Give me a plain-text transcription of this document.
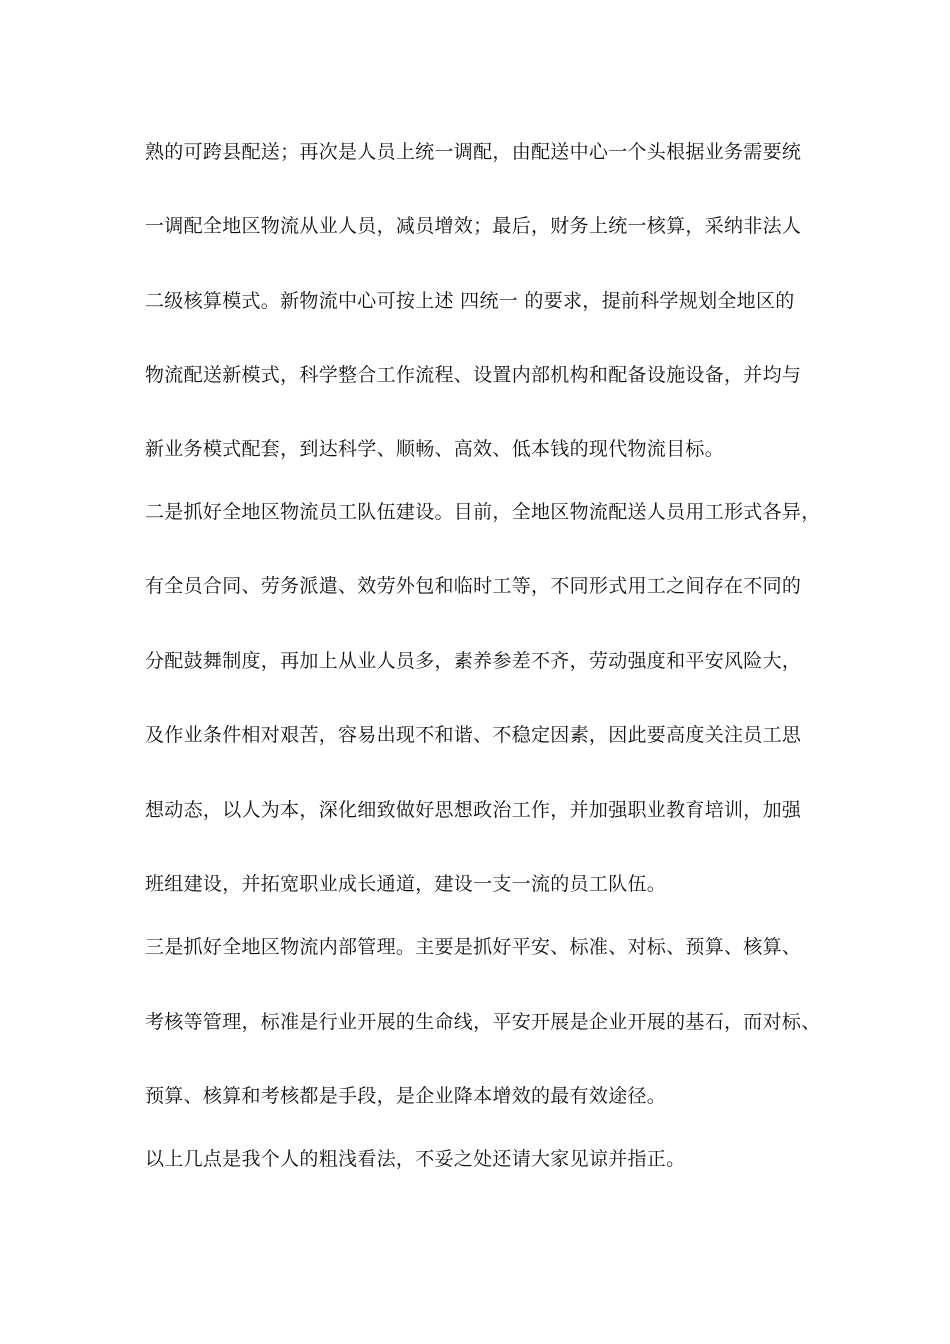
熟的可跨县配送；再次是人员上统一调配，由配送中心一个头根据业务需要统
一调配全地区物流从业人员，减员增效；最后，财务上统一核算，采纳非法人
二级核算模式。新物流中心可按上述 四统一 的要求，提前科学规划全地区的
物流配送新模式，科学整合工作流程、设置内部机构和配备设施设备，并均与
新业务模式配套，到达科学、顺畅、高效、低本钱的现代物流目标。
二是抓好全地区物流员工队伍建设。目前，全地区物流配送人员用工形式各异，
有全员合同、劳务派遣、效劳外包和临时工等，不同形式用工之间存在不同的
分配鼓舞制度，再加上从业人员多，素养参差不齐，劳动强度和平安风险大，
及作业条件相对艰苦，容易出现不和谐、不稳定因素，因此要高度关注员工思
想动态，以人为本，深化细致做好思想政治工作，并加强职业教育培训，加强
班组建设，并拓宽职业成长通道，建设一支一流的员工队伍。
三是抓好全地区物流内部管理。主要是抓好平安、标准、对标、预算、核算、
考核等管理，标准是行业开展的生命线，平安开展是企业开展的基石，而对标、
预算、核算和考核都是手段，是企业降本增效的最有效途径。
以上几点是我个人的粗浅看法，不妥之处还请大家见谅并指正。
